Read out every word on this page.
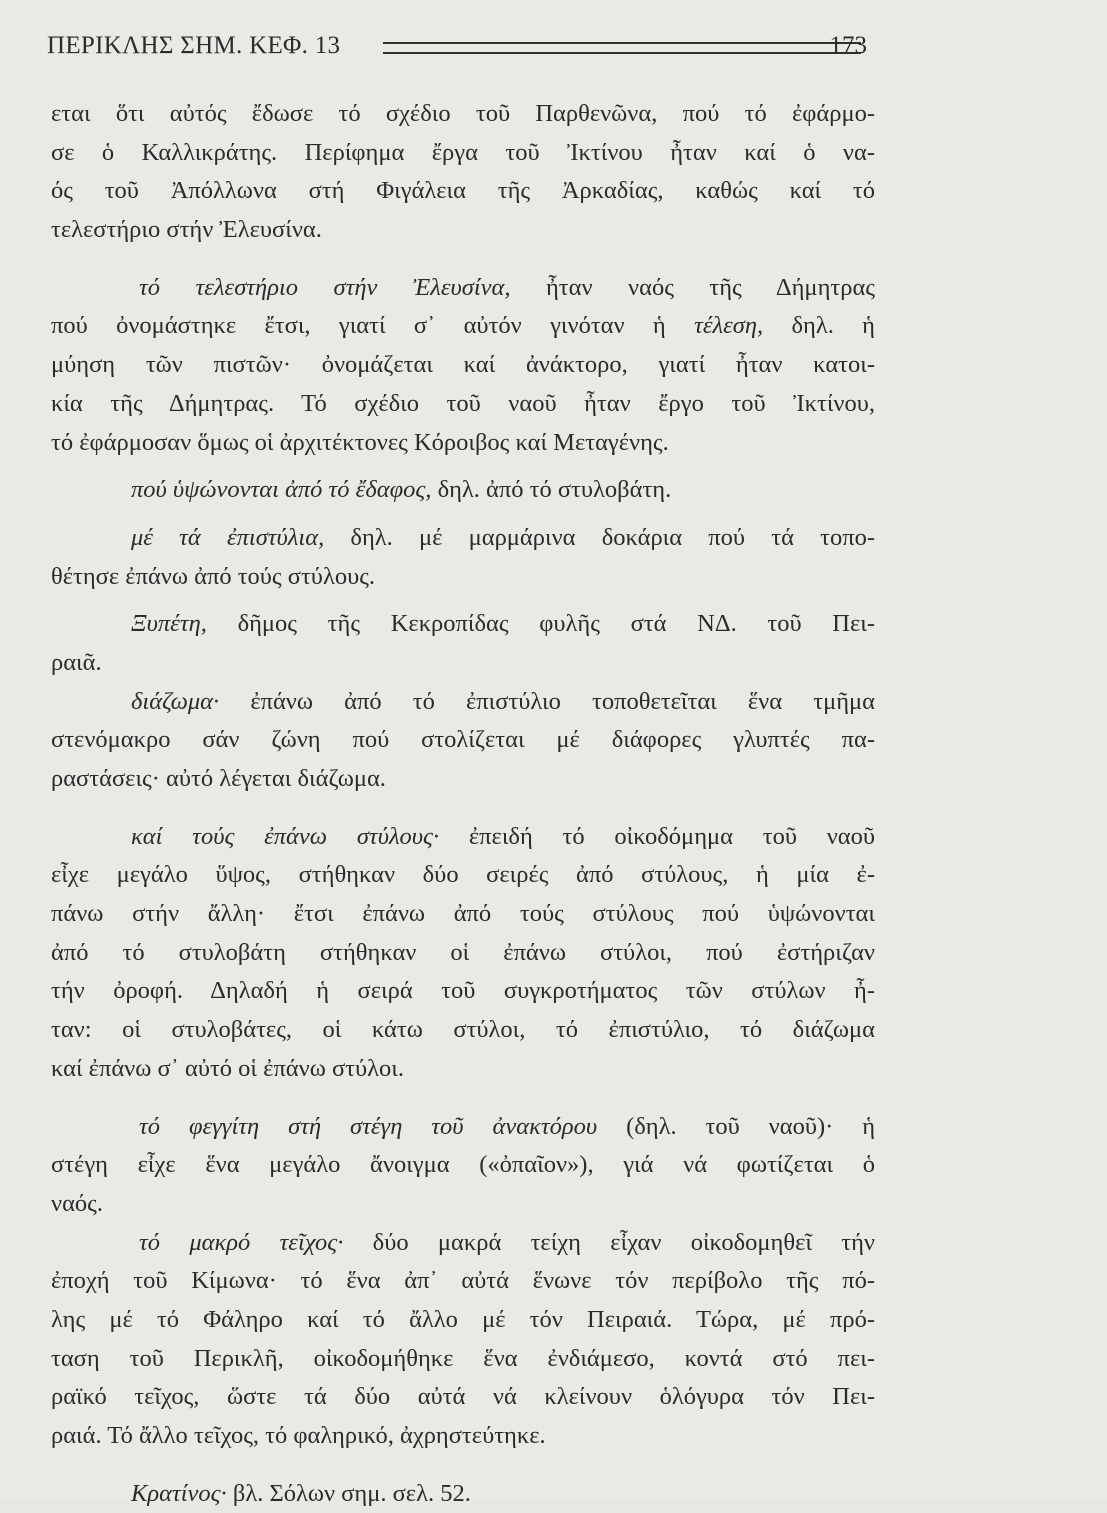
ΠΕΡΙΚΛΗΣ ΣΗΜ. ΚΕΦ. 13	173
εται ὅτι αὐτός ἔδωσε τό σχέδιο τοῦ Παρθενῶνα, πού τό ἐφάρμο-
σε ὁ Καλλικράτης. Περίφημα ἔργα τοῦ Ἰκτίνου ἦταν καί ὁ να-
ός τοῦ Ἀπόλλωνα στή Φιγάλεια τῆς Ἀρκαδίας, καθώς καί τό
τελεστήριο στήν Ἐλευσίνα.
τό τελεστήριο στήν Ἐλευσίνα, ἦταν ναός τῆς Δήμητρας
πού ὀνομάστηκε ἔτσι, γιατί σ᾽ αὐτόν γινόταν ἡ τέλεση, δηλ. ἡ
μύηση τῶν πιστῶν· ὀνομάζεται καί ἀνάκτορο, γιατί ἦταν κατοι-
κία τῆς Δήμητρας. Τό σχέδιο τοῦ ναοῦ ἦταν ἔργο τοῦ Ἰκτίνου,
τό ἐφάρμοσαν ὅμως οἱ ἀρχιτέκτονες Κόροιβος καί Μεταγένης.
πού ὑψώνονται ἀπό τό ἔδαφος, δηλ. ἀπό τό στυλοβάτη.
μέ τά ἐπιστύλια, δηλ. μέ μαρμάρινα δοκάρια πού τά τοπο-
θέτησε ἐπάνω ἀπό τούς στύλους.
Ξυπέτη, δῆμος τῆς Κεκροπίδας φυλῆς στά ΝΔ. τοῦ Πει-
ραιᾶ.
διάζωμα· ἐπάνω ἀπό τό ἐπιστύλιο τοποθετεῖται ἕνα τμῆμα
στενόμακρο σάν ζώνη πού στολίζεται μέ διάφορες γλυπτές πα-
ραστάσεις· αὐτό λέγεται διάζωμα.
καί τούς ἐπάνω στύλους· ἐπειδή τό οἰκοδόμημα τοῦ ναοῦ
εἶχε μεγάλο ὕψος, στήθηκαν δύο σειρές ἀπό στύλους, ἡ μία ἐ-
πάνω στήν ἄλλη· ἔτσι ἐπάνω ἀπό τούς στύλους πού ὑψώνονται
ἀπό τό στυλοβάτη στήθηκαν οἱ ἐπάνω στύλοι, πού ἐστήριζαν
τήν ὀροφή. Δηλαδή ἡ σειρά τοῦ συγκροτήματος τῶν στύλων ἦ-
ταν: οἱ στυλοβάτες, οἱ κάτω στύλοι, τό ἐπιστύλιο, τό διάζωμα
καί ἐπάνω σ᾽ αὐτό οἱ ἐπάνω στύλοι.
τό φεγγίτη στή στέγη τοῦ ἀνακτόρου (δηλ. τοῦ ναοῦ)· ἡ
στέγη εἶχε ἕνα μεγάλο ἄνοιγμα («ὀπαῖον»), γιά νά φωτίζεται ὁ
ναός.
τό μακρό τεῖχος· δύο μακρά τείχη εἶχαν οἰκοδομηθεῖ τήν
ἐποχή τοῦ Κίμωνα· τό ἕνα ἀπ᾽ αὐτά ἕνωνε τόν περίβολο τῆς πό-
λης μέ τό Φάληρο καί τό ἄλλο μέ τόν Πειραιά. Τώρα, μέ πρό-
ταση τοῦ Περικλῆ, οἰκοδομήθηκε ἕνα ἐνδιάμεσο, κοντά στό πει-
ραϊκό τεῖχος, ὥστε τά δύο αὐτά νά κλείνουν ὁλόγυρα τόν Πει-
ραιά. Τό ἄλλο τεῖχος, τό φαληρικό, ἀχρηστεύτηκε.
Κρατίνος· βλ. Σόλων σημ. σελ. 52.
